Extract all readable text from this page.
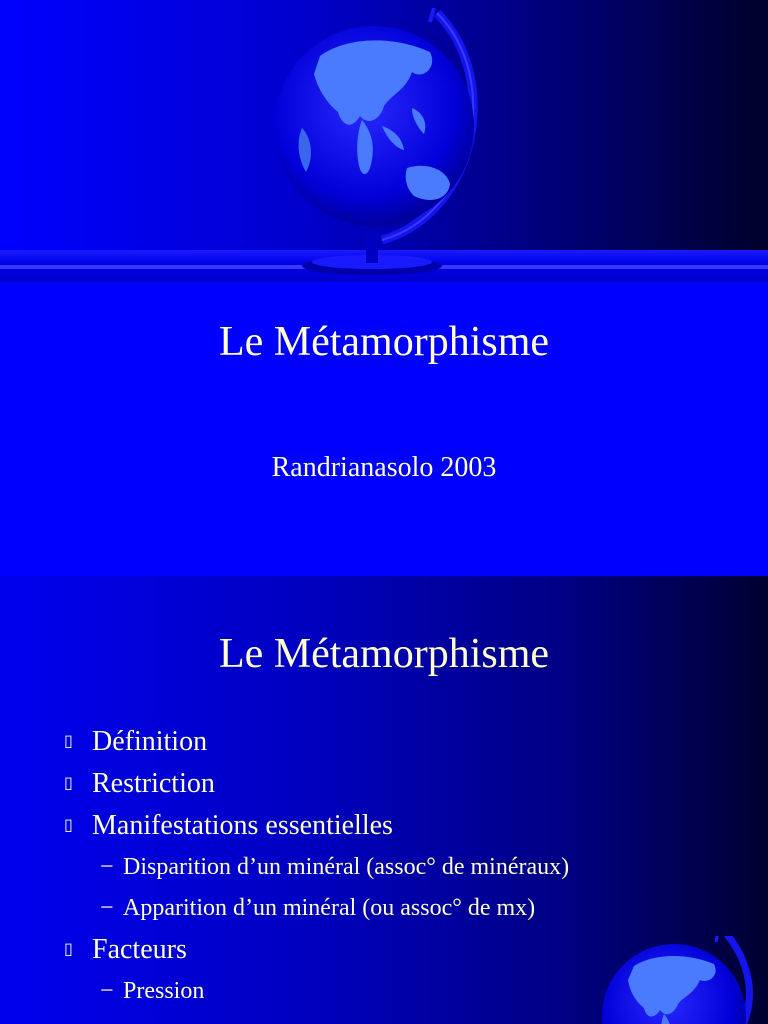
Le Métamorphisme
Randrianasolo 2003
Le Métamorphisme
▯ Définition
▯ Restriction
▯ Manifestations essentielles
− Disparition d’un minéral (assoc° de minéraux)
− Apparition d’un minéral (ou assoc° de mx)
▯ Facteurs
− Pression
